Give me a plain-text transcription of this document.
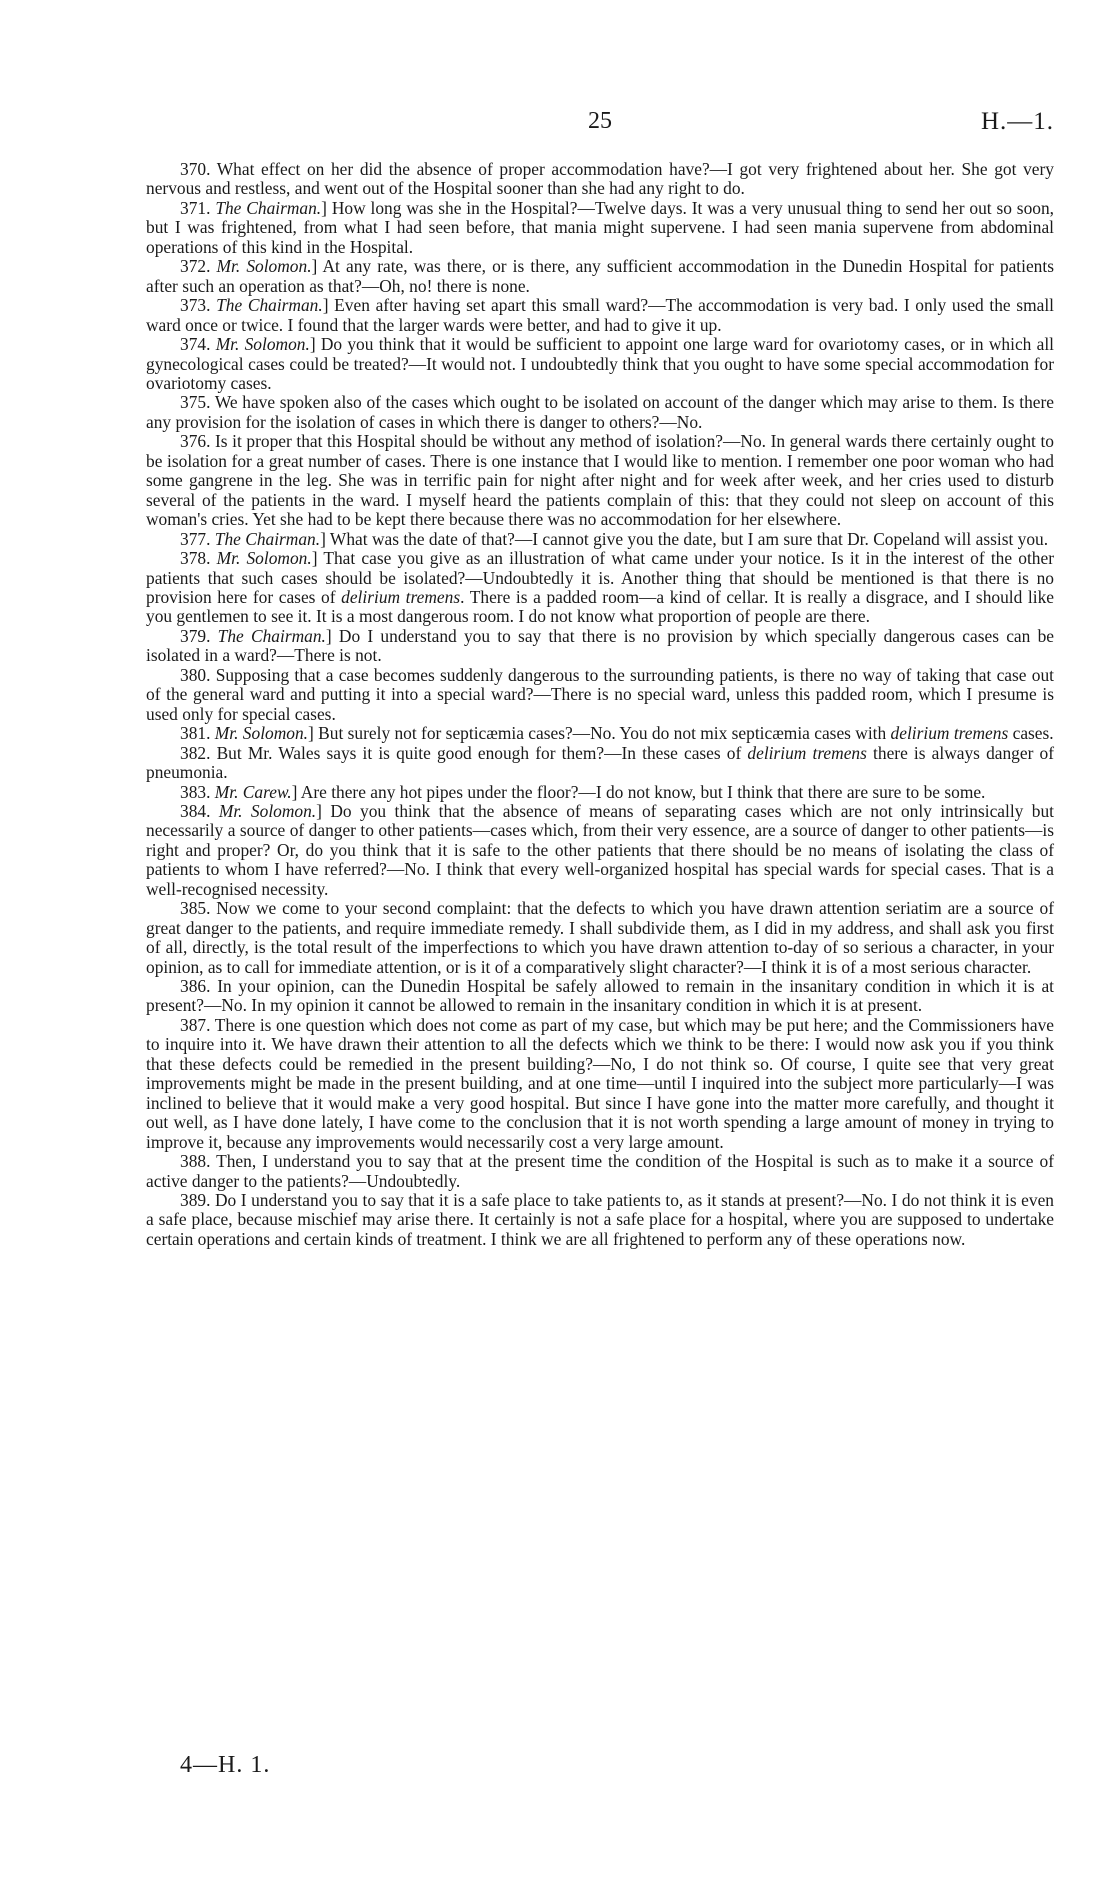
25	H.—1.

370. What effect on her did the absence of proper accommodation have?—I got very frightened about her. She got very nervous and restless, and went out of the Hospital sooner than she had any right to do.

371. The Chairman.] How long was she in the Hospital?—Twelve days. It was a very unusual thing to send her out so soon, but I was frightened, from what I had seen before, that mania might supervene. I had seen mania supervene from abdominal operations of this kind in the Hospital.

372. Mr. Solomon.] At any rate, was there, or is there, any sufficient accommodation in the Dunedin Hospital for patients after such an operation as that?—Oh, no! there is none.

373. The Chairman.] Even after having set apart this small ward?—The accommodation is very bad. I only used the small ward once or twice. I found that the larger wards were better, and had to give it up.

374. Mr. Solomon.] Do you think that it would be sufficient to appoint one large ward for ovariotomy cases, or in which all gynecological cases could be treated?—It would not. I undoubtedly think that you ought to have some special accommodation for ovariotomy cases.

375. We have spoken also of the cases which ought to be isolated on account of the danger which may arise to them. Is there any provision for the isolation of cases in which there is danger to others?—No.

376. Is it proper that this Hospital should be without any method of isolation?—No. In general wards there certainly ought to be isolation for a great number of cases. There is one instance that I would like to mention. I remember one poor woman who had some gangrene in the leg. She was in terrific pain for night after night and for week after week, and her cries used to disturb several of the patients in the ward. I myself heard the patients complain of this: that they could not sleep on account of this woman's cries. Yet she had to be kept there because there was no accommodation for her elsewhere.

377. The Chairman.] What was the date of that?—I cannot give you the date, but I am sure that Dr. Copeland will assist you.

378. Mr. Solomon.] That case you give as an illustration of what came under your notice. Is it in the interest of the other patients that such cases should be isolated?—Undoubtedly it is. Another thing that should be mentioned is that there is no provision here for cases of delirium tremens. There is a padded room—a kind of cellar. It is really a disgrace, and I should like you gentlemen to see it. It is a most dangerous room. I do not know what proportion of people are there.

379. The Chairman.] Do I understand you to say that there is no provision by which specially dangerous cases can be isolated in a ward?—There is not.

380. Supposing that a case becomes suddenly dangerous to the surrounding patients, is there no way of taking that case out of the general ward and putting it into a special ward?—There is no special ward, unless this padded room, which I presume is used only for special cases.

381. Mr. Solomon.] But surely not for septicæmia cases?—No. You do not mix septicæmia cases with delirium tremens cases.

382. But Mr. Wales says it is quite good enough for them?—In these cases of delirium tremens there is always danger of pneumonia.

383. Mr. Carew.] Are there any hot pipes under the floor?—I do not know, but I think that there are sure to be some.

384. Mr. Solomon.] Do you think that the absence of means of separating cases which are not only intrinsically but necessarily a source of danger to other patients—cases which, from their very essence, are a source of danger to other patients—is right and proper? Or, do you think that it is safe to the other patients that there should be no means of isolating the class of patients to whom I have referred?—No. I think that every well-organized hospital has special wards for special cases. That is a well-recognised necessity.

385. Now we come to your second complaint: that the defects to which you have drawn attention seriatim are a source of great danger to the patients, and require immediate remedy. I shall subdivide them, as I did in my address, and shall ask you first of all, directly, is the total result of the imperfections to which you have drawn attention to-day of so serious a character, in your opinion, as to call for immediate attention, or is it of a comparatively slight character?—I think it is of a most serious character.

386. In your opinion, can the Dunedin Hospital be safely allowed to remain in the insanitary condition in which it is at present?—No. In my opinion it cannot be allowed to remain in the insanitary condition in which it is at present.

387. There is one question which does not come as part of my case, but which may be put here; and the Commissioners have to inquire into it. We have drawn their attention to all the defects which we think to be there: I would now ask you if you think that these defects could be remedied in the present building?—No, I do not think so. Of course, I quite see that very great improvements might be made in the present building, and at one time—until I inquired into the subject more particularly—I was inclined to believe that it would make a very good hospital. But since I have gone into the matter more carefully, and thought it out well, as I have done lately, I have come to the conclusion that it is not worth spending a large amount of money in trying to improve it, because any improvements would necessarily cost a very large amount.

388. Then, I understand you to say that at the present time the condition of the Hospital is such as to make it a source of active danger to the patients?—Undoubtedly.

389. Do I understand you to say that it is a safe place to take patients to, as it stands at present?—No. I do not think it is even a safe place, because mischief may arise there. It certainly is not a safe place for a hospital, where you are supposed to undertake certain operations and certain kinds of treatment. I think we are all frightened to perform any of these operations now.

4—H. 1.
